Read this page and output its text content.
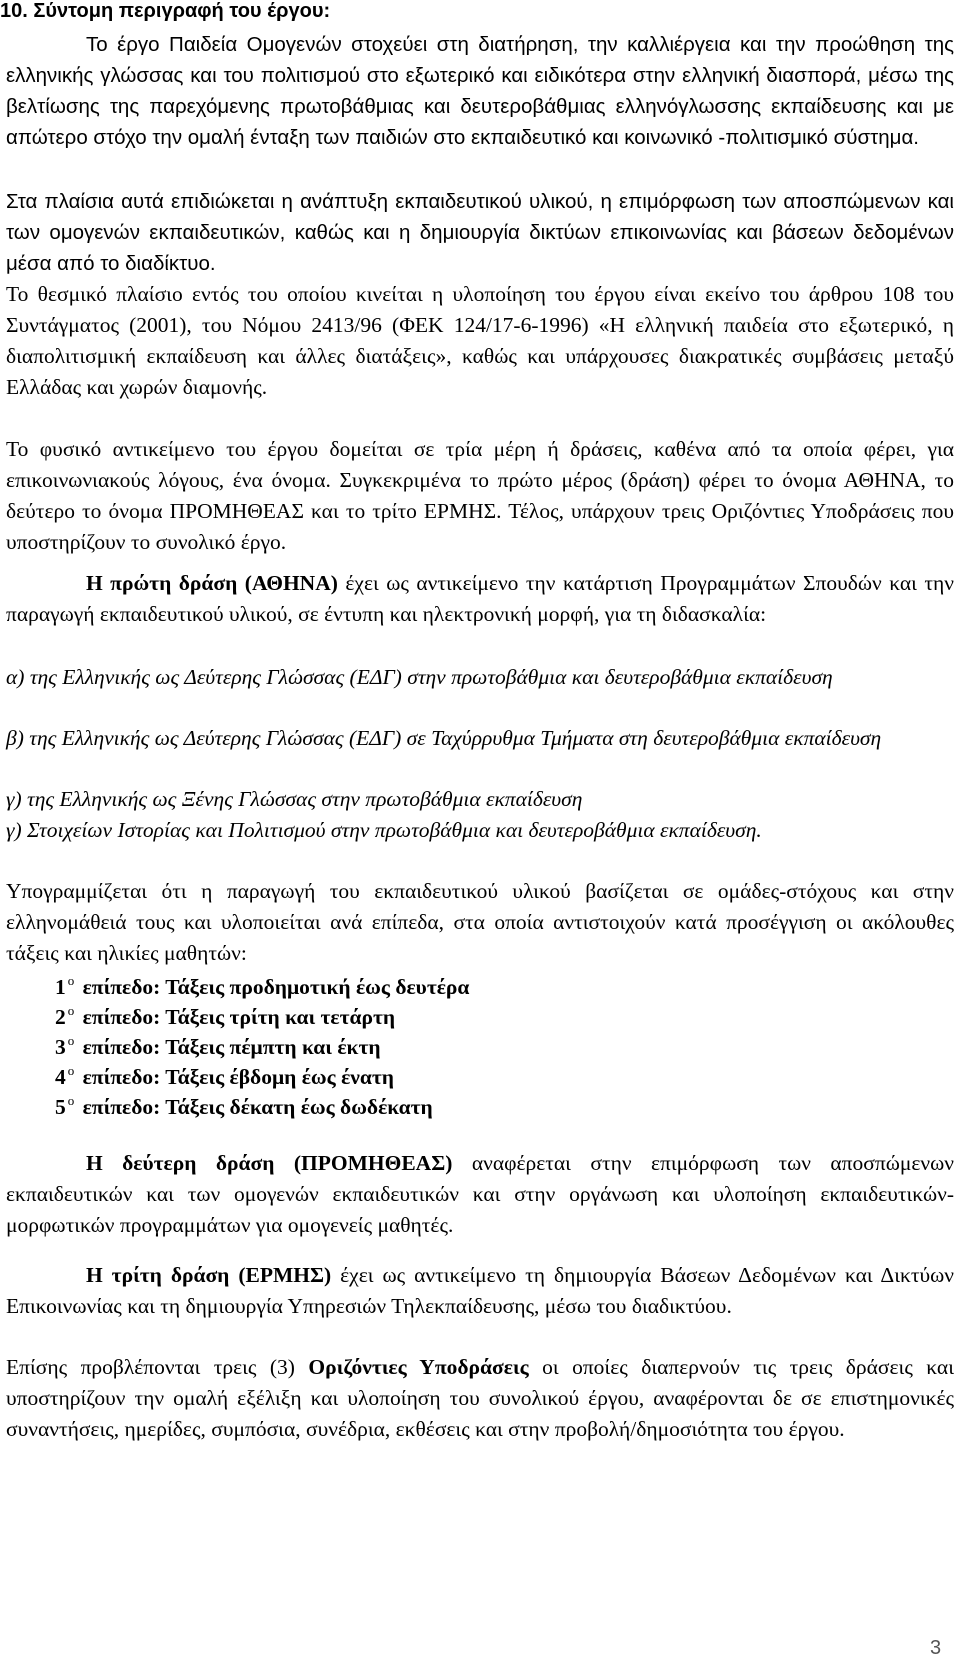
10. Σύντομη περιγραφή του έργου:
Το έργο Παιδεία Ομογενών στοχεύει στη διατήρηση, την καλλιέργεια και την προώθηση της ελληνικής γλώσσας και του πολιτισμού στο εξωτερικό και ειδικότερα στην ελληνική διασπορά, μέσω της βελτίωσης της παρεχόμενης πρωτοβάθμιας και δευτεροβάθμιας ελληνόγλωσσης εκπαίδευσης και με απώτερο στόχο την ομαλή ένταξη των παιδιών στο εκπαιδευτικό και κοινωνικό -πολιτισμικό σύστημα.
Στα πλαίσια αυτά επιδιώκεται η ανάπτυξη εκπαιδευτικού υλικού, η επιμόρφωση των αποσπώμενων και των ομογενών εκπαιδευτικών, καθώς και η δημιουργία δικτύων επικοινωνίας και βάσεων δεδομένων μέσα από το διαδίκτυο.
Το θεσμικό πλαίσιο εντός του οποίου κινείται η υλοποίηση του έργου είναι εκείνο του άρθρου 108 του Συντάγματος (2001), του Νόμου 2413/96 (ΦΕΚ 124/17-6-1996) «Η ελληνική παιδεία στο εξωτερικό, η διαπολιτισμική εκπαίδευση και άλλες διατάξεις», καθώς και υπάρχουσες διακρατικές συμβάσεις μεταξύ Ελλάδας και χωρών διαμονής.
Το φυσικό αντικείμενο του έργου δομείται σε τρία μέρη ή δράσεις, καθένα από τα οποία φέρει, για επικοινωνιακούς λόγους, ένα όνομα. Συγκεκριμένα το πρώτο μέρος (δράση) φέρει το όνομα ΑΘΗΝΑ, το δεύτερο το όνομα ΠΡΟΜΗΘΕΑΣ και το τρίτο ΕΡΜΗΣ. Τέλος, υπάρχουν τρεις Οριζόντιες Υποδράσεις που υποστηρίζουν το συνολικό έργο.
Η πρώτη δράση (ΑΘΗΝΑ) έχει ως αντικείμενο την κατάρτιση Προγραμμάτων Σπουδών και την παραγωγή εκπαιδευτικού υλικού, σε έντυπη και ηλεκτρονική μορφή, για τη διδασκαλία:
α) της Ελληνικής ως Δεύτερης Γλώσσας (ΕΔΓ) στην πρωτοβάθμια και δευτεροβάθμια εκπαίδευση
β) της Ελληνικής ως Δεύτερης Γλώσσας (ΕΔΓ) σε Ταχύρρυθμα Τμήματα στη δευτεροβάθμια εκπαίδευση
γ) της Ελληνικής ως Ξένης Γλώσσας στην πρωτοβάθμια εκπαίδευση
γ) Στοιχείων Ιστορίας και Πολιτισμού στην πρωτοβάθμια και δευτεροβάθμια εκπαίδευση.
Υπογραμμίζεται ότι η παραγωγή του εκπαιδευτικού υλικού βασίζεται σε ομάδες-στόχους και στην ελληνομάθειά τους και υλοποιείται ανά επίπεδα, στα οποία αντιστοιχούν κατά προσέγγιση οι ακόλουθες τάξεις και ηλικίες μαθητών:
1 $^o$ επίπεδο: Τάξεις προδημοτική έως δευτέρα
2 $^o$ επίπεδο: Τάξεις τρίτη και τετάρτη
3 $^o$ επίπεδο: Τάξεις πέμπτη και έκτη
4 $^o$ επίπεδο: Τάξεις έβδομη έως ένατη
5 $^o$ επίπεδο: Τάξεις δέκατη έως δωδέκατη
Η δεύτερη δράση (ΠΡΟΜΗΘΕΑΣ) αναφέρεται στην επιμόρφωση των αποσπώμενων εκπαιδευτικών και των ομογενών εκπαιδευτικών και στην οργάνωση και υλοποίηση εκπαιδευτικών-μορφωτικών προγραμμάτων για ομογενείς μαθητές.
Η τρίτη δράση (ΕΡΜΗΣ) έχει ως αντικείμενο τη δημιουργία Βάσεων Δεδομένων και Δικτύων Επικοινωνίας και τη δημιουργία Υπηρεσιών Τηλεκπαίδευσης, μέσω του διαδικτύου.
Επίσης προβλέπονται τρεις (3) Οριζόντιες Υποδράσεις οι οποίες διαπερνούν τις τρεις δράσεις και υποστηρίζουν την ομαλή εξέλιξη και υλοποίηση του συνολικού έργου, αναφέρονται δε σε επιστημονικές συναντήσεις, ημερίδες, συμπόσια, συνέδρια, εκθέσεις και στην προβολή/δημοσιότητα του έργου.
3
